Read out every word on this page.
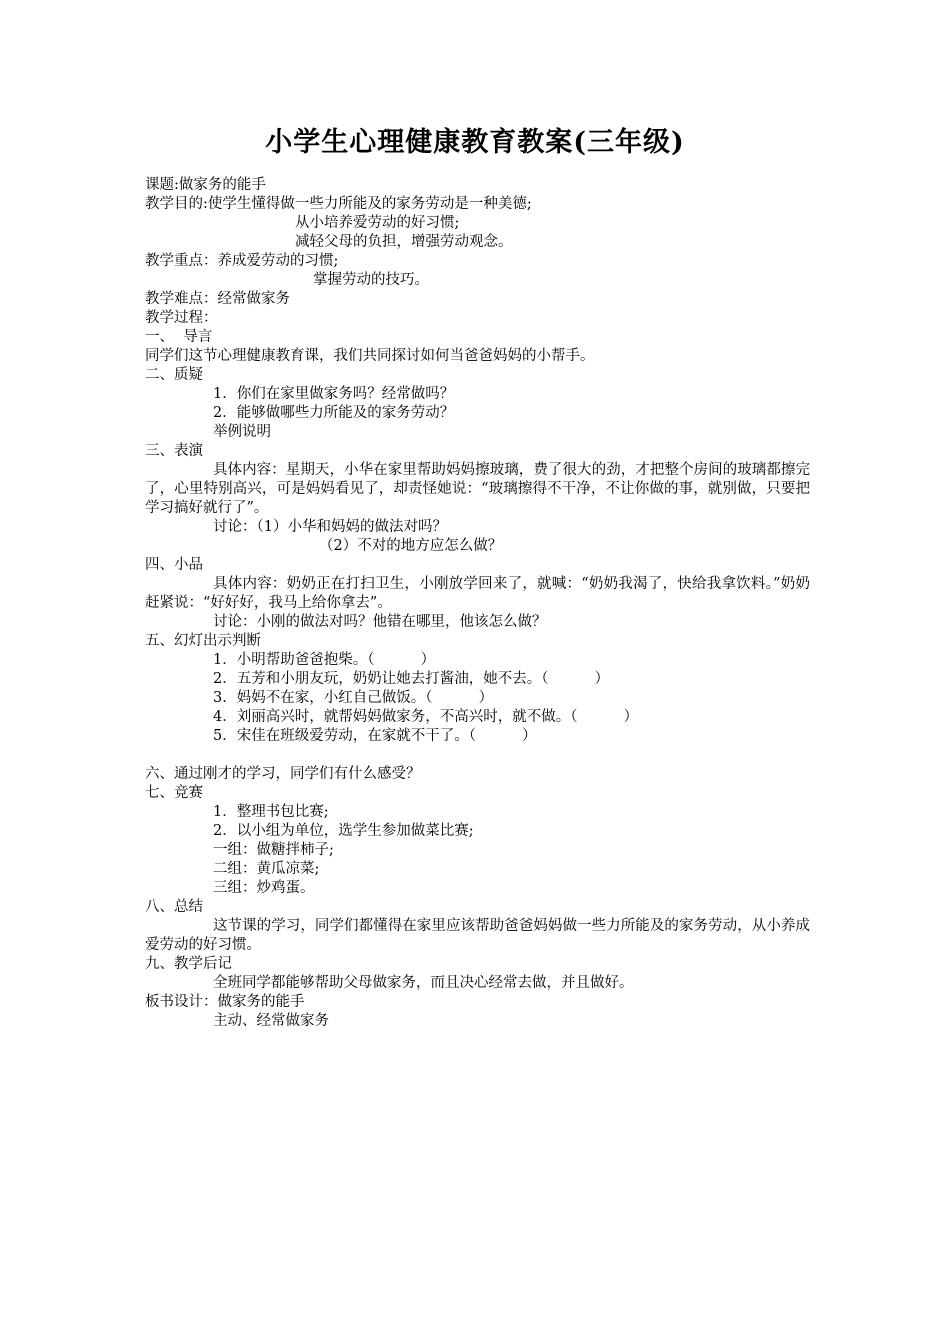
小学生心理健康教育教案(三年级)
课题:做家务的能手
教学目的:使学生懂得做一些力所能及的家务劳动是一种美德;
从小培养爱劳动的好习惯;
减轻父母的负担，增强劳动观念。
教学重点：养成爱劳动的习惯;
掌握劳动的技巧。
教学难点：经常做家务
教学过程：
一、  导言
同学们这节心理健康教育课，我们共同探讨如何当爸爸妈妈的小帮手。
二、质疑
1．你们在家里做家务吗？经常做吗？
2．能够做哪些力所能及的家务劳动？
举例说明
三、表演
具体内容：星期天，小华在家里帮助妈妈擦玻璃，费了很大的劲，才把整个房间的玻璃都擦完了，心里特别高兴，可是妈妈看见了，却责怪她说：“玻璃擦得不干净，不让你做的事，就别做，只要把学习搞好就行了”。
讨论：（1）小华和妈妈的做法对吗？
（2）不对的地方应怎么做？
四、小品
具体内容：奶奶正在打扫卫生，小刚放学回来了，就喊：“奶奶我渴了，快给我拿饮料。”奶奶赶紧说：“好好好，我马上给你拿去”。
讨论：小刚的做法对吗？他错在哪里，他该怎么做？
五、幻灯出示判断
1．小明帮助爸爸抱柴。（          ）
2．五芳和小朋友玩，奶奶让她去打酱油，她不去。（          ）
3．妈妈不在家，小红自己做饭。（          ）
4．刘丽高兴时，就帮妈妈做家务，不高兴时，就不做。（          ）
5．宋佳在班级爱劳动，在家就不干了。（          ）
六、通过刚才的学习，同学们有什么感受？
七、竞赛
1．整理书包比赛;
2．以小组为单位，选学生参加做菜比赛;
一组：做糖拌柿子;
二组：黄瓜凉菜;
三组：炒鸡蛋。
八、总结
这节课的学习，同学们都懂得在家里应该帮助爸爸妈妈做一些力所能及的家务劳动，从小养成爱劳动的好习惯。
九、教学后记
全班同学都能够帮助父母做家务，而且决心经常去做，并且做好。
板书设计：做家务的能手
主动、经常做家务
